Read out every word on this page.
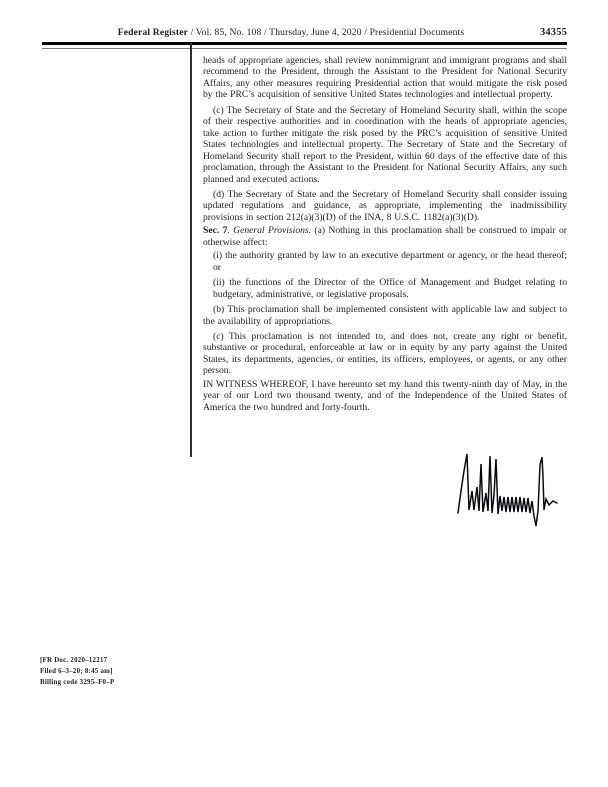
Federal Register / Vol. 85, No. 108 / Thursday, June 4, 2020 / Presidential Documents	34355

heads of appropriate agencies, shall review nonimmigrant and immigrant programs and shall recommend to the President, through the Assistant to the President for National Security Affairs, any other measures requiring Presidential action that would mitigate the risk posed by the PRC’s acquisition of sensitive United States technologies and intellectual property.

(c) The Secretary of State and the Secretary of Homeland Security shall, within the scope of their respective authorities and in coordination with the heads of appropriate agencies, take action to further mitigate the risk posed by the PRC’s acquisition of sensitive United States technologies and intellectual property. The Secretary of State and the Secretary of Homeland Security shall report to the President, within 60 days of the effective date of this proclamation, through the Assistant to the President for National Security Affairs, any such planned and executed actions.

(d) The Secretary of State and the Secretary of Homeland Security shall consider issuing updated regulations and guidance, as appropriate, implementing the inadmissibility provisions in section 212(a)(3)(D) of the INA, 8 U.S.C. 1182(a)(3)(D).

Sec. 7. General Provisions. (a) Nothing in this proclamation shall be construed to impair or otherwise affect:

(i) the authority granted by law to an executive department or agency, or the head thereof; or

(ii) the functions of the Director of the Office of Management and Budget relating to budgetary, administrative, or legislative proposals.

(b) This proclamation shall be implemented consistent with applicable law and subject to the availability of appropriations.

(c) This proclamation is not intended to, and does not, create any right or benefit, substantive or procedural, enforceable at law or in equity by any party against the United States, its departments, agencies, or entities, its officers, employees, or agents, or any other person.

IN WITNESS WHEREOF, I have hereunto set my hand this twenty-ninth day of May, in the year of our Lord two thousand twenty, and of the Independence of the United States of America the two hundred and forty-fourth.

[FR Doc. 2020–12217
Filed 6–3–20; 8:45 am]
Billing code 3295–F0–P
